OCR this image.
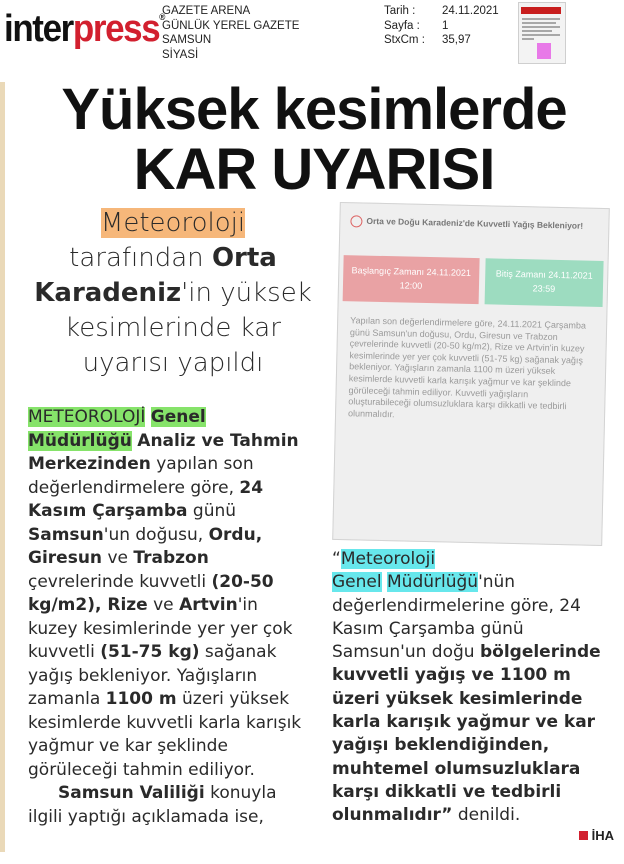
interpress®
GAZETE ARENA
GÜNLÜK YEREL GAZETE
SAMSUN
SİYASİ
Tarih :	24.11.2021
Sayfa :	1
StxCm :	35,97
Yüksek kesimlerde
KAR UYARISI
Meteoroloji
tarafından Orta Karadeniz'in yüksek kesimlerinde kar uyarısı yapıldı

METEOROLOJİ Genel Müdürlüğü Analiz ve Tahmin Merkezinden yapılan son değerlendirmelere göre, 24 Kasım Çarşamba günü Samsun'un doğusu, Ordu, Giresun ve Trabzon çevrelerinde kuvvetli (20-50 kg/m2), Rize ve Artvin'in kuzey kesimlerinde yer yer çok kuvvetli (51-75 kg) sağanak yağış bekleniyor. Yağışların zamanla 1100 m üzeri yüksek kesimlerde kuvvetli karla karışık yağmur ve kar şeklinde görüleceği tahmin ediliyor.

Samsun Valiliği konuyla ilgili yaptığı açıklamada ise,

Orta ve Doğu Karadeniz'de Kuvvetli Yağış Bekleniyor!
Başlangıç Zamanı 24.11.2021 12:00
Bitiş Zamanı 24.11.2021 23:59
Yapılan son değerlendirmelere göre, 24.11.2021 Çarşamba günü Samsun'un doğusu, Ordu, Giresun ve Trabzon çevrelerinde kuvvetli (20-50 kg/m2), Rize ve Artvin'in kuzey kesimlerinde yer yer çok kuvvetli (51-75 kg) sağanak yağış bekleniyor. Yağışların zamanla 1100 m üzeri yüksek kesimlerde kuvvetli karla karışık yağmur ve kar şeklinde görüleceği tahmin ediliyor. Kuvvetli yağışların oluşturabileceği olumsuzluklara karşı dikkatli ve tedbirli olunmalıdır.

“Meteoroloji
Genel Müdürlüğü'nün değerlendirmelerine göre, 24 Kasım Çarşamba günü Samsun'un doğu bölgelerinde kuvvetli yağış ve 1100 m üzeri yüksek kesimlerinde karla karışık yağmur ve kar yağışı beklendiğinden, muhtemel olumsuzluklara karşı dikkatli ve tedbirli olunmalıdır” denildi.

İHA
